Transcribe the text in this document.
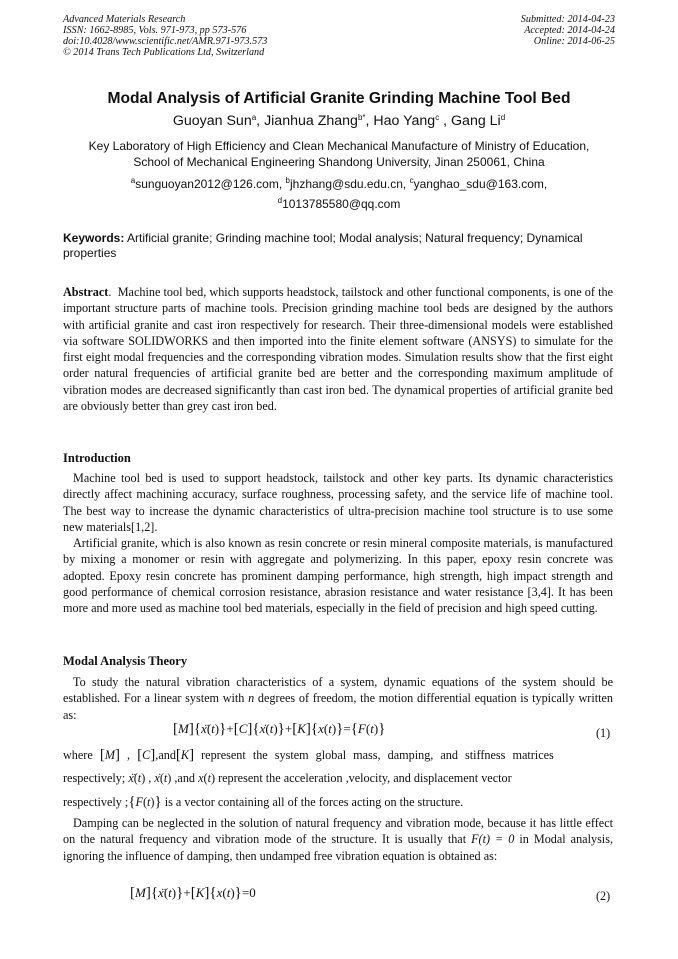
Advanced Materials Research
ISSN: 1662-8985, Vols. 971-973, pp 573-576
doi:10.4028/www.scientific.net/AMR.971-973.573
© 2014 Trans Tech Publications Ltd, Switzerland
Submitted: 2014-04-23
Accepted: 2014-04-24
Online: 2014-06-25
Modal Analysis of Artificial Granite Grinding Machine Tool Bed
Guoyan Sun$^a$, Jianhua Zhang$^{b*}$, Hao Yang$^c$ , Gang Li$^d$
Key Laboratory of High Efficiency and Clean Mechanical Manufacture of Ministry of Education,
School of Mechanical Engineering Shandong University, Jinan 250061, China
$^a$sunguoyan2012@126.com, $^b$jhzhang@sdu.edu.cn, $^c$yanghao_sdu@163.com,
$^d$1013785580@qq.com
Keywords: Artificial granite; Grinding machine tool; Modal analysis; Natural frequency; Dynamical properties
Abstract.  Machine tool bed, which supports headstock, tailstock and other functional components, is one of the important structure parts of machine tools. Precision grinding machine tool beds are designed by the authors with artificial granite and cast iron respectively for research. Their three-dimensional models were established via software SOLIDWORKS and then imported into the finite element software (ANSYS) to simulate for the first eight modal frequencies and the corresponding vibration modes. Simulation results show that the first eight order natural frequencies of artificial granite bed are better and the corresponding maximum amplitude of vibration modes are decreased significantly than cast iron bed. The dynamical properties of artificial granite bed are obviously better than grey cast iron bed.
Introduction
Machine tool bed is used to support headstock, tailstock and other key parts. Its dynamic characteristics directly affect machining accuracy, surface roughness, processing safety, and the service life of machine tool. The best way to increase the dynamic characteristics of ultra-precision machine tool structure is to use some new materials[1,2].
Artificial granite, which is also known as resin concrete or resin mineral composite materials, is manufactured by mixing a monomer or resin with aggregate and polymerizing. In this paper, epoxy resin concrete was adopted. Epoxy resin concrete has prominent damping performance, high strength, high impact strength and good performance of chemical corrosion resistance, abrasion resistance and water resistance [3,4]. It has been more and more used as machine tool bed materials, especially in the field of precision and high speed cutting.
Modal Analysis Theory
To study the natural vibration characteristics of a system, dynamic equations of the system should be established. For a linear system with n degrees of freedom, the motion differential equation is typically written as:
[M]{ẍ(t)}+[C]{ẋ(t)}+[K]{x(t)}={F(t)}	(1)
where [M] , [C],and[K] represent the system global mass, damping, and stiffness matrices
respectively; ẍ(t) , ẋ(t) ,and x(t) represent the acceleration ,velocity, and displacement vector
respectively ;{F(t)} is a vector containing all of the forces acting on the structure.
Damping can be neglected in the solution of natural frequency and vibration mode, because it has little effect on the natural frequency and vibration mode of the structure. It is usually that F(t) = 0 in Modal analysis, ignoring the influence of damping, then undamped free vibration equation is obtained as:
[M]{ẍ(t)}+[K]{x(t)}=0	(2)
